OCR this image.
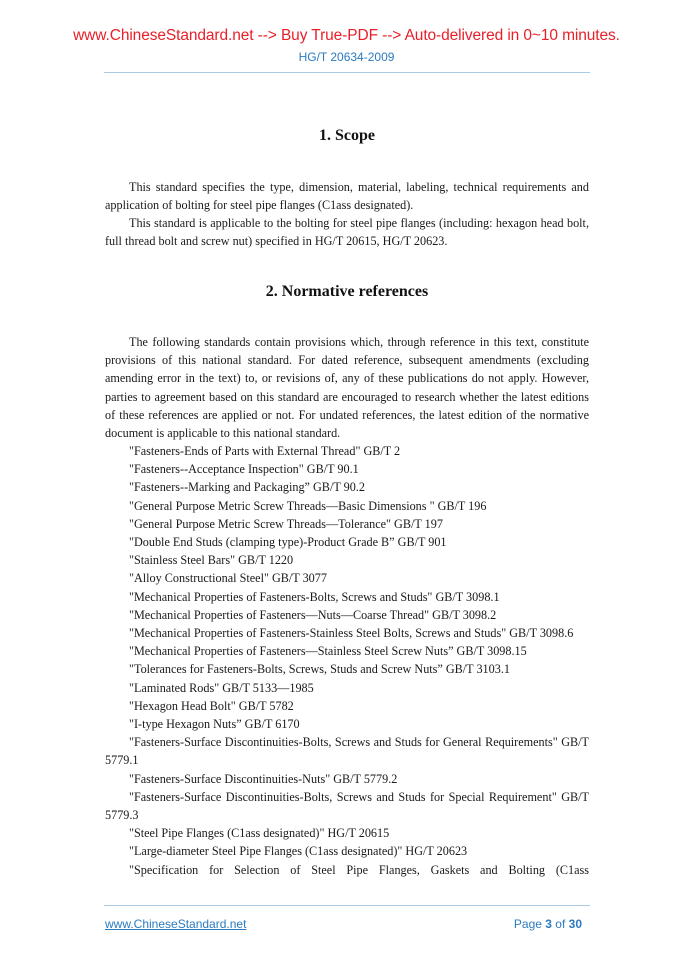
www.ChineseStandard.net --> Buy True-PDF --> Auto-delivered in 0~10 minutes.
HG/T 20634-2009
1. Scope

This standard specifies the type, dimension, material, labeling, technical requirements and application of bolting for steel pipe flanges (C1ass designated).

This standard is applicable to the bolting for steel pipe flanges (including: hexagon head bolt, full thread bolt and screw nut) specified in HG/T 20615, HG/T 20623.

2. Normative references

The following standards contain provisions which, through reference in this text, constitute provisions of this national standard. For dated reference, subsequent amendments (excluding amending error in the text) to, or revisions of, any of these publications do not apply. However, parties to agreement based on this standard are encouraged to research whether the latest editions of these references are applied or not. For undated references, the latest edition of the normative document is applicable to this national standard.

"Fasteners-Ends of Parts with External Thread" GB/T 2
"Fasteners--Acceptance Inspection" GB/T 90.1
"Fasteners--Marking and Packaging” GB/T 90.2
"General Purpose Metric Screw Threads—Basic Dimensions " GB/T 196
"General Purpose Metric Screw Threads—Tolerance" GB/T 197
"Double End Studs (clamping type)-Product Grade B” GB/T 901
"Stainless Steel Bars" GB/T 1220
"Alloy Constructional Steel" GB/T 3077
"Mechanical Properties of Fasteners-Bolts, Screws and Studs" GB/T 3098.1
"Mechanical Properties of Fasteners—Nuts—Coarse Thread" GB/T 3098.2
"Mechanical Properties of Fasteners-Stainless Steel Bolts, Screws and Studs" GB/T 3098.6
"Mechanical Properties of Fasteners—Stainless Steel Screw Nuts” GB/T 3098.15
"Tolerances for Fasteners-Bolts, Screws, Studs and Screw Nuts” GB/T 3103.1
"Laminated Rods" GB/T 5133—1985
"Hexagon Head Bolt" GB/T 5782
"I-type Hexagon Nuts” GB/T 6170
"Fasteners-Surface Discontinuities-Bolts, Screws and Studs for General Requirements" GB/T 5779.1
"Fasteners-Surface Discontinuities-Nuts" GB/T 5779.2
"Fasteners-Surface Discontinuities-Bolts, Screws and Studs for Special Requirement" GB/T 5779.3
"Steel Pipe Flanges (C1ass designated)" HG/T 20615
"Large-diameter Steel Pipe Flanges (C1ass designated)" HG/T 20623
"Specification for Selection of Steel Pipe Flanges, Gaskets and Bolting (C1ass
www.ChineseStandard.net	Page 3 of 30
